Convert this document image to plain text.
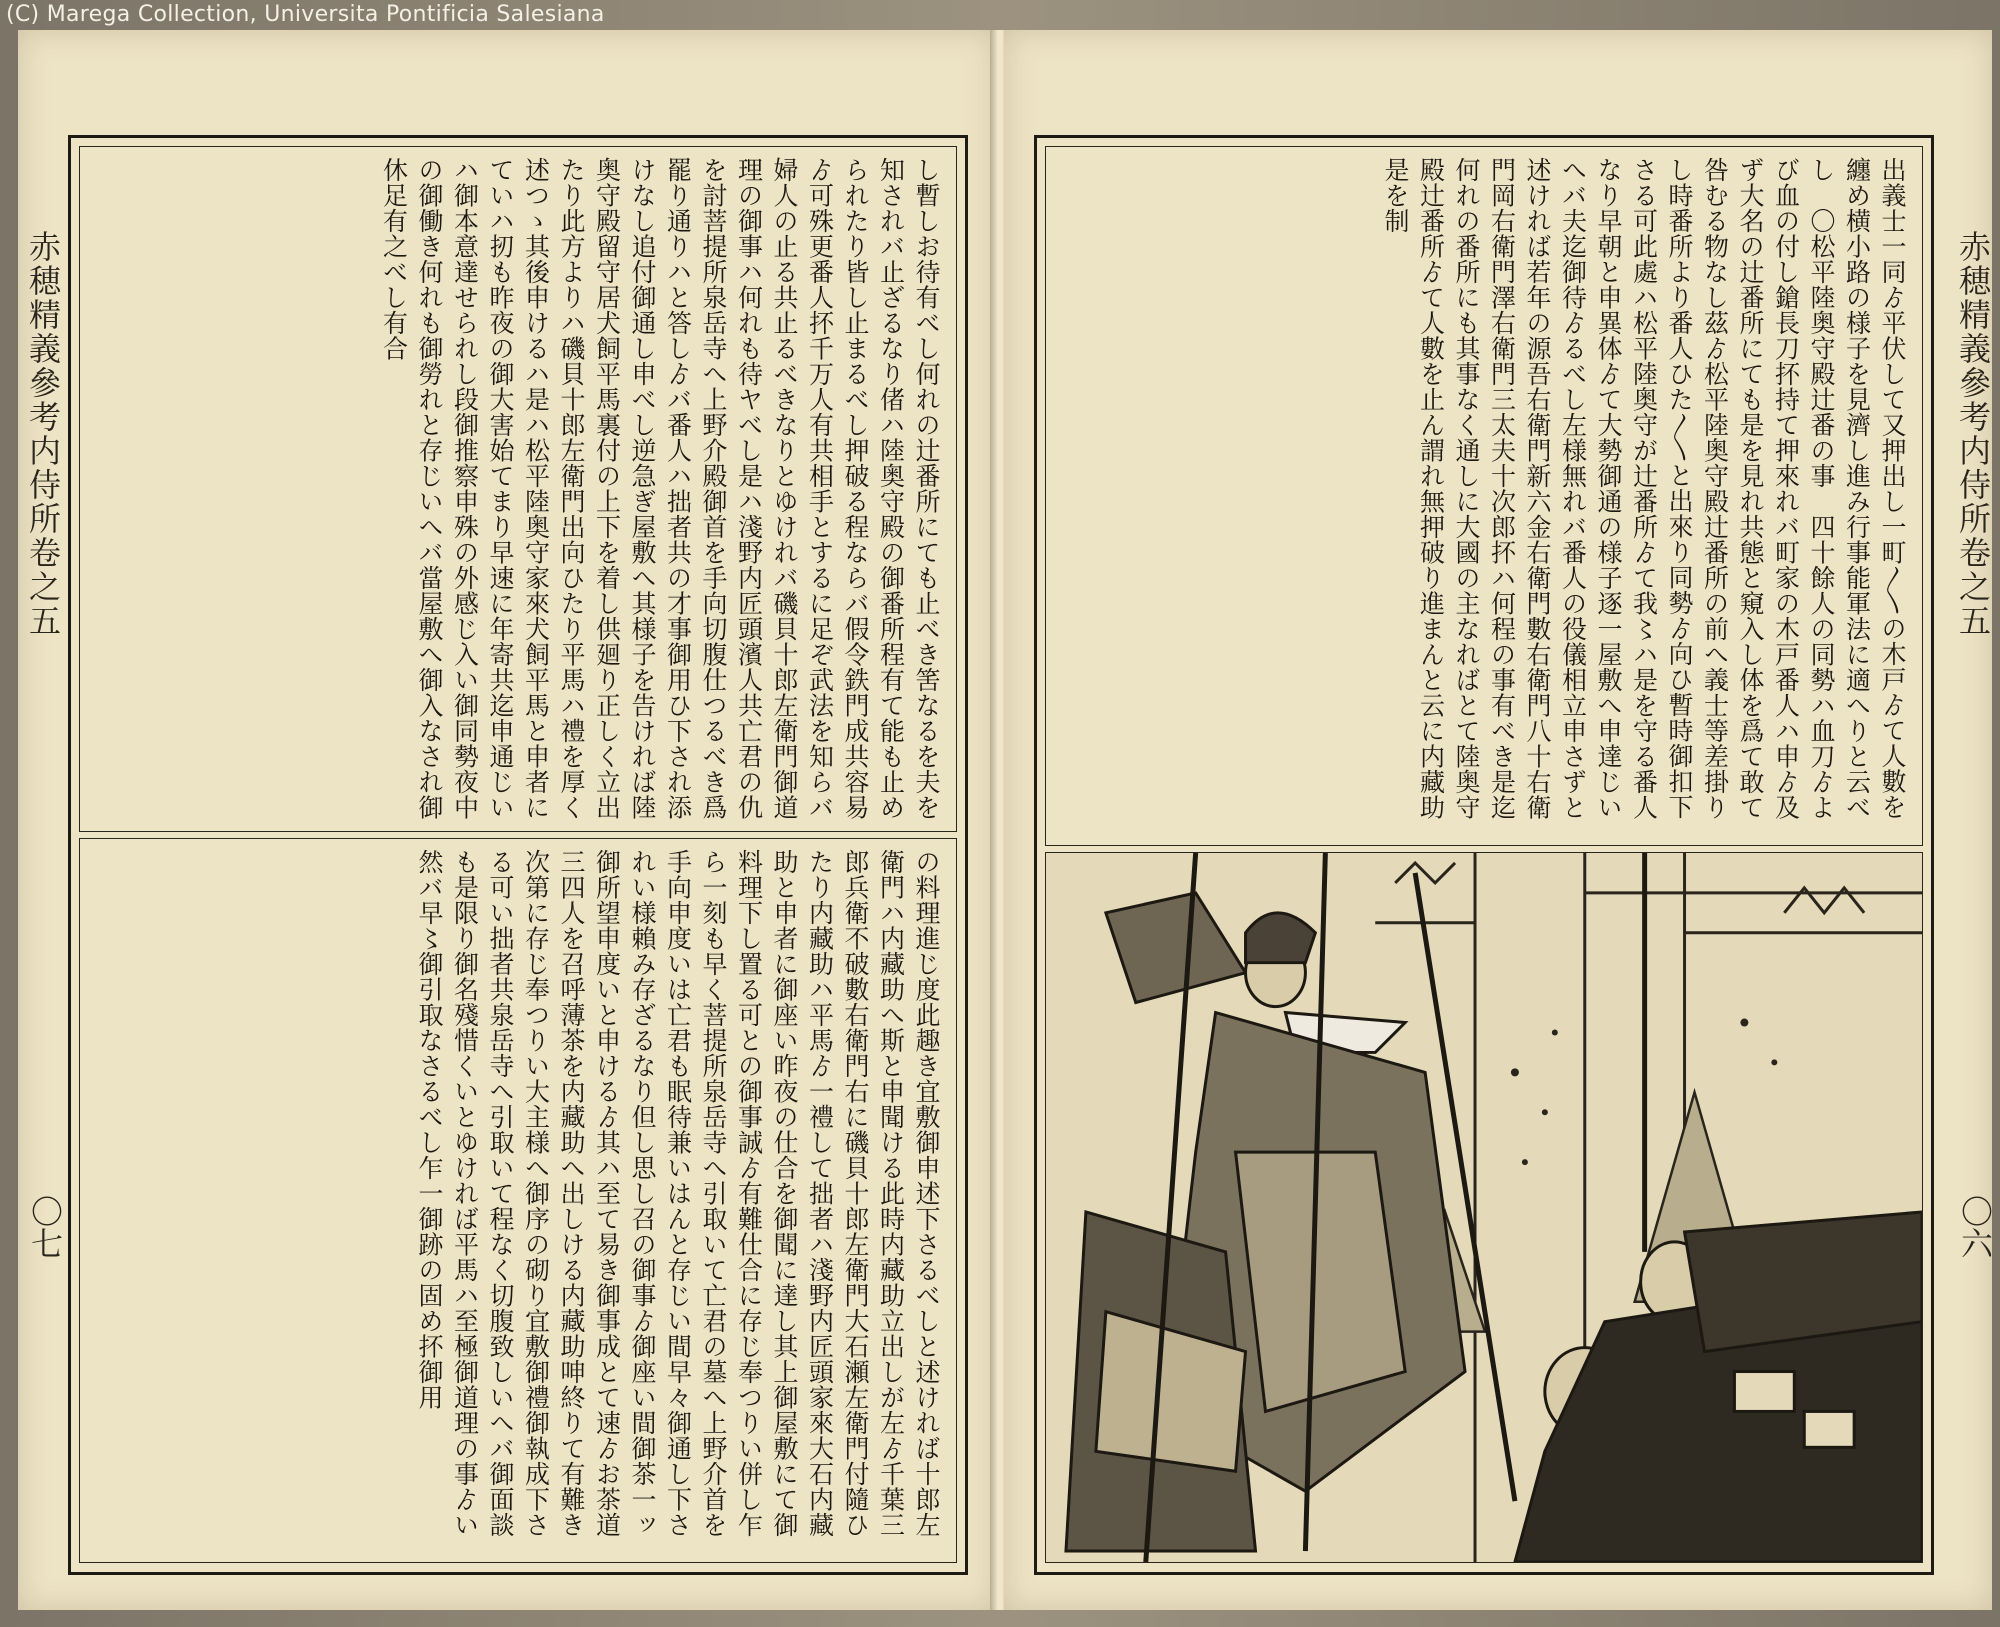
(C) Marega Collection, Universita Pontificia Salesiana
赤穂精義參考内侍所卷之五
〇七
し暫しお待有べし何れの辻番所にても止べき筈なるを夫を知されバ止ざるなり偖ハ陸奥守殿の御番所程有て能も止められたり皆し止まるべし押破る程ならバ假令鉄門成共容易ゟ可殊更番人抔千万人有共相手とするに足ぞ武法を知らバ婦人の止る共止るべきなりとゆけれバ磯貝十郎左衛門御道理の御事ハ何れも待ヤべし是ハ淺野内匠頭濱人共亡君の仇を討菩提所泉岳寺へ上野介殿御首を手向切腹仕つるべき爲罷り通りハと答しゟバ番人ハ拙者共の才事御用ひ下され添けなし追付御通し申べし逆急ぎ屋敷へ其様子を告ければ陸奥守殿留守居犬飼平馬裏付の上下を着し供廻り正しく立出たり此方よりハ磯貝十郎左衛門出向ひたり平馬ハ禮を厚く述つゝ其後申けるハ是ハ松平陸奥守家來犬飼平馬と申者にていハ扨も昨夜の御大害始てまり早速に年寄共迄申通じいハ御本意達せられし段御推察申殊の外感じ入い御同勢夜中の御働き何れも御勞れと存じいへバ當屋敷へ御入なされ御休足有之べし有合
の料理進じ度此趣き宜敷御申述下さるべしと述ければ十郎左衛門ハ内藏助へ斯と申聞ける此時内藏助立出しが左ゟ千葉三郎兵衛不破數右衛門右に磯貝十郎左衛門大石瀬左衛門付隨ひたり内藏助ハ平馬ゟ一禮して拙者ハ淺野内匠頭家來大石内藏助と申者に御座い昨夜の仕合を御聞に達し其上御屋敷にて御料理下し置る可との御事誠ゟ有難仕合に存じ奉つりい併し乍ら一刻も早く菩提所泉岳寺へ引取いて亡君の墓へ上野介首を手向申度いは亡君も眠待兼いはんと存じい間早々御通し下されい様賴み存ざるなり但し思し召の御事ゟ御座い間御茶一ッ御所望申度いと申けるゟ其ハ至て易き御事成とて速ゟお茶道三四人を召呼薄茶を内藏助へ出しける内藏助呻終りて有難き次第に存じ奉つりい大主様へ御序の砌り宜敷御禮御執成下さる可い拙者共泉岳寺へ引取いて程なく切腹致しいへバ御面談も是限り御名殘惜くいとゆければ平馬ハ至極御道理の事ゟい然バ早〻御引取なさるべし乍一御跡の固め抔御用
赤穂精義參考内侍所卷之五
〇六
出義士一同ゟ平伏して又押出し一町〱の木戸ゟて人數を纏め横小路の様子を見濟し進み行事能軍法に適へりと云べし　〇松平陸奥守殿辻番の事　四十餘人の同勢ハ血刀ゟよび血の付し鎗長刀抔持て押來れバ町家の木戸番人ハ申ゟ及ず大名の辻番所にても是を見れ共態と窺入し体を爲て敢て咎むる物なし茲ゟ松平陸奥守殿辻番所の前へ義士等差掛りし時番所より番人ひた〱と出來り同勢ゟ向ひ暫時御扣下さる可此處ハ松平陸奥守が辻番所ゟて我〻ハ是を守る番人なり早朝と申異体ゟて大勢御通の様子逐一屋敷へ申達じいへバ夫迄御待ゟるべし左様無れバ番人の役儀相立申さずと述ければ若年の源吾右衛門新六金右衛門數右衛門八十右衛門岡右衛門澤右衛門三太夫十次郎抔ハ何程の事有べき是迄何れの番所にも其事なく通しに大國の主なればとて陸奥守殿辻番所ゟて人數を止ん謂れ無押破り進まんと云に内藏助是を制
